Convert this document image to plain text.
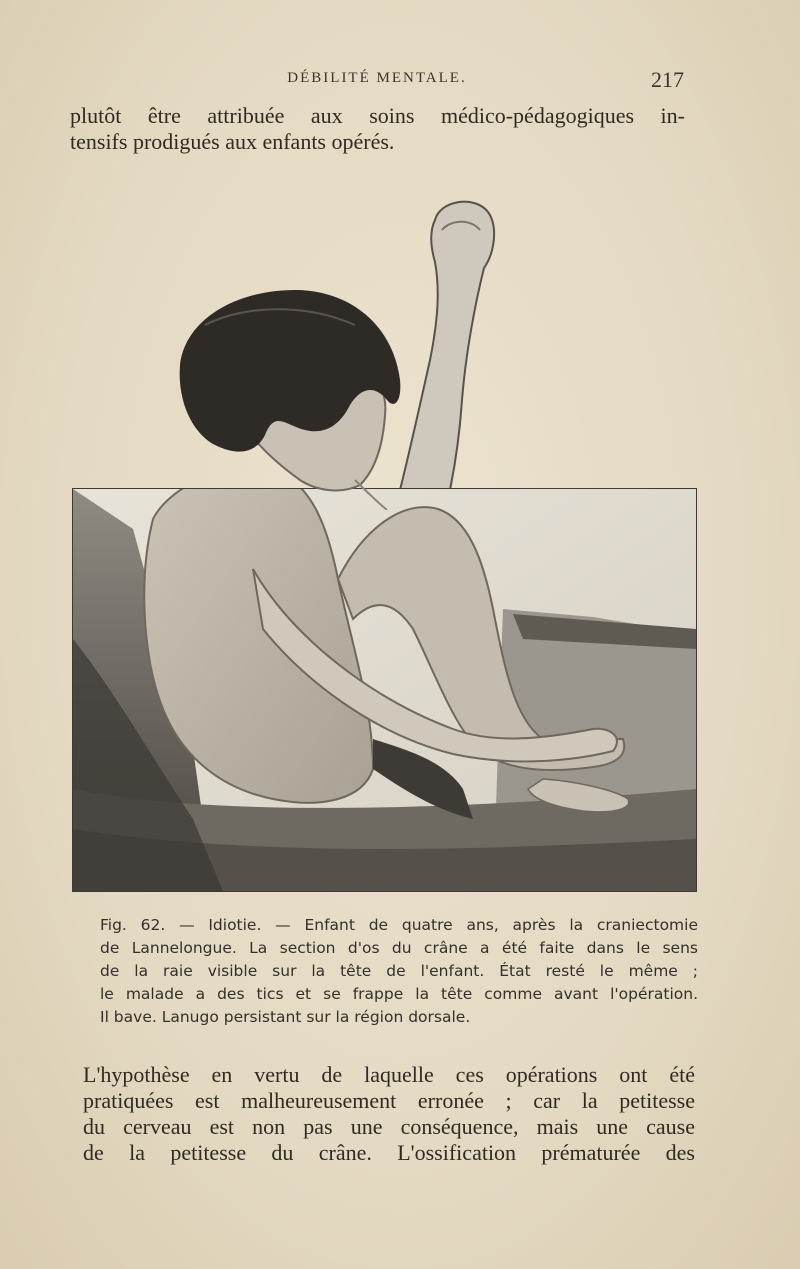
DÉBILITÉ MENTALE.	217
plutôt être attribuée aux soins médico-pédagogiques in-
tensifs prodigués aux enfants opérés.
Fig. 62. — Idiotie. — Enfant de quatre ans, après la craniectomie
de Lannelongue. La section d'os du crâne a été faite dans le sens
de la raie visible sur la tête de l'enfant. État resté le même ;
le malade a des tics et se frappe la tête comme avant l'opération.
Il bave. Lanugo persistant sur la région dorsale.
L'hypothèse en vertu de laquelle ces opérations ont été
pratiquées est malheureusement erronée ; car la petitesse
du cerveau est non pas une conséquence, mais une cause
de la petitesse du crâne. L'ossification prématurée des
